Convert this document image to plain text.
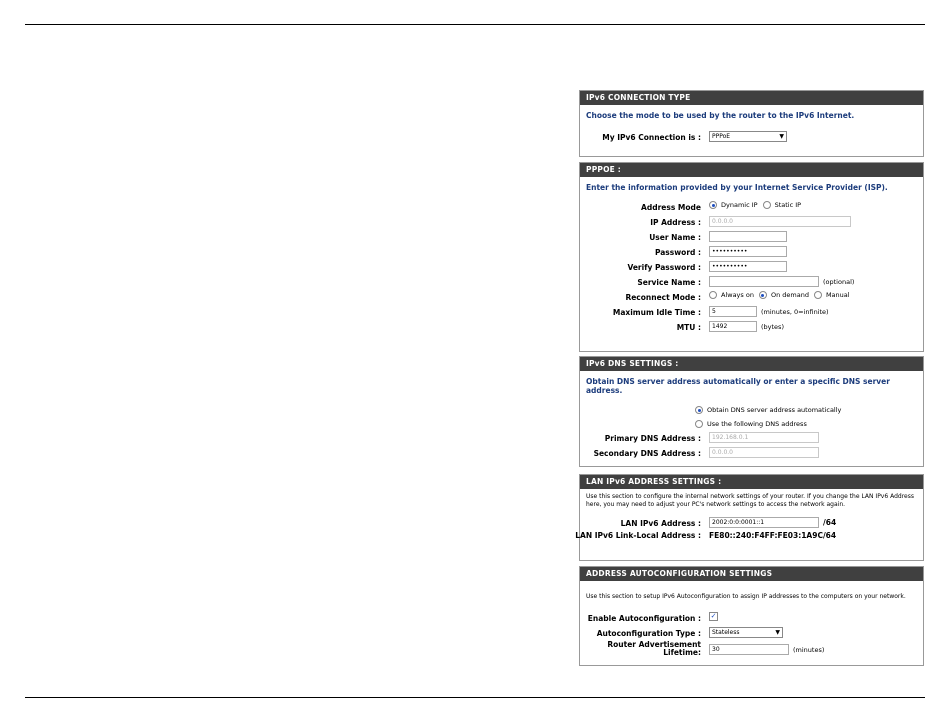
IPv6 CONNECTION TYPE
Choose the mode to be used by the router to the IPv6 Internet.
My IPv6 Connection is :	PPPoE	▼
PPPOE :
Enter the information provided by your Internet Service Provider (ISP).
Address Mode	Dynamic IP	Static IP
IP Address :	0.0.0.0
User Name :
Password :	••••••••••
Verify Password :	••••••••••
Service Name :	(optional)
Reconnect Mode :	Always on	On demand	Manual
Maximum Idle Time :	5	(minutes, 0=infinite)
MTU :	1492	(bytes)
IPv6 DNS SETTINGS :
Obtain DNS server address automatically or enter a specific DNS server address.
Obtain DNS server address automatically
Use the following DNS address
Primary DNS Address :	192.168.0.1
Secondary DNS Address :	0.0.0.0
LAN IPv6 ADDRESS SETTINGS :
Use this section to configure the internal network settings of your router. If you change the LAN IPv6 Address here, you may need to adjust your PC's network settings to access the network again.
LAN IPv6 Address :	2002:0:0:0001::1	/64
LAN IPv6 Link-Local Address : FE80::240:F4FF:FE03:1A9C/64
ADDRESS AUTOCONFIGURATION SETTINGS
Use this section to setup IPv6 Autoconfiguration to assign IP addresses to the computers on your network.
Enable Autoconfiguration : ✓
Autoconfiguration Type :	Stateless	▼
Router Advertisement
Lifetime:	30	(minutes)
